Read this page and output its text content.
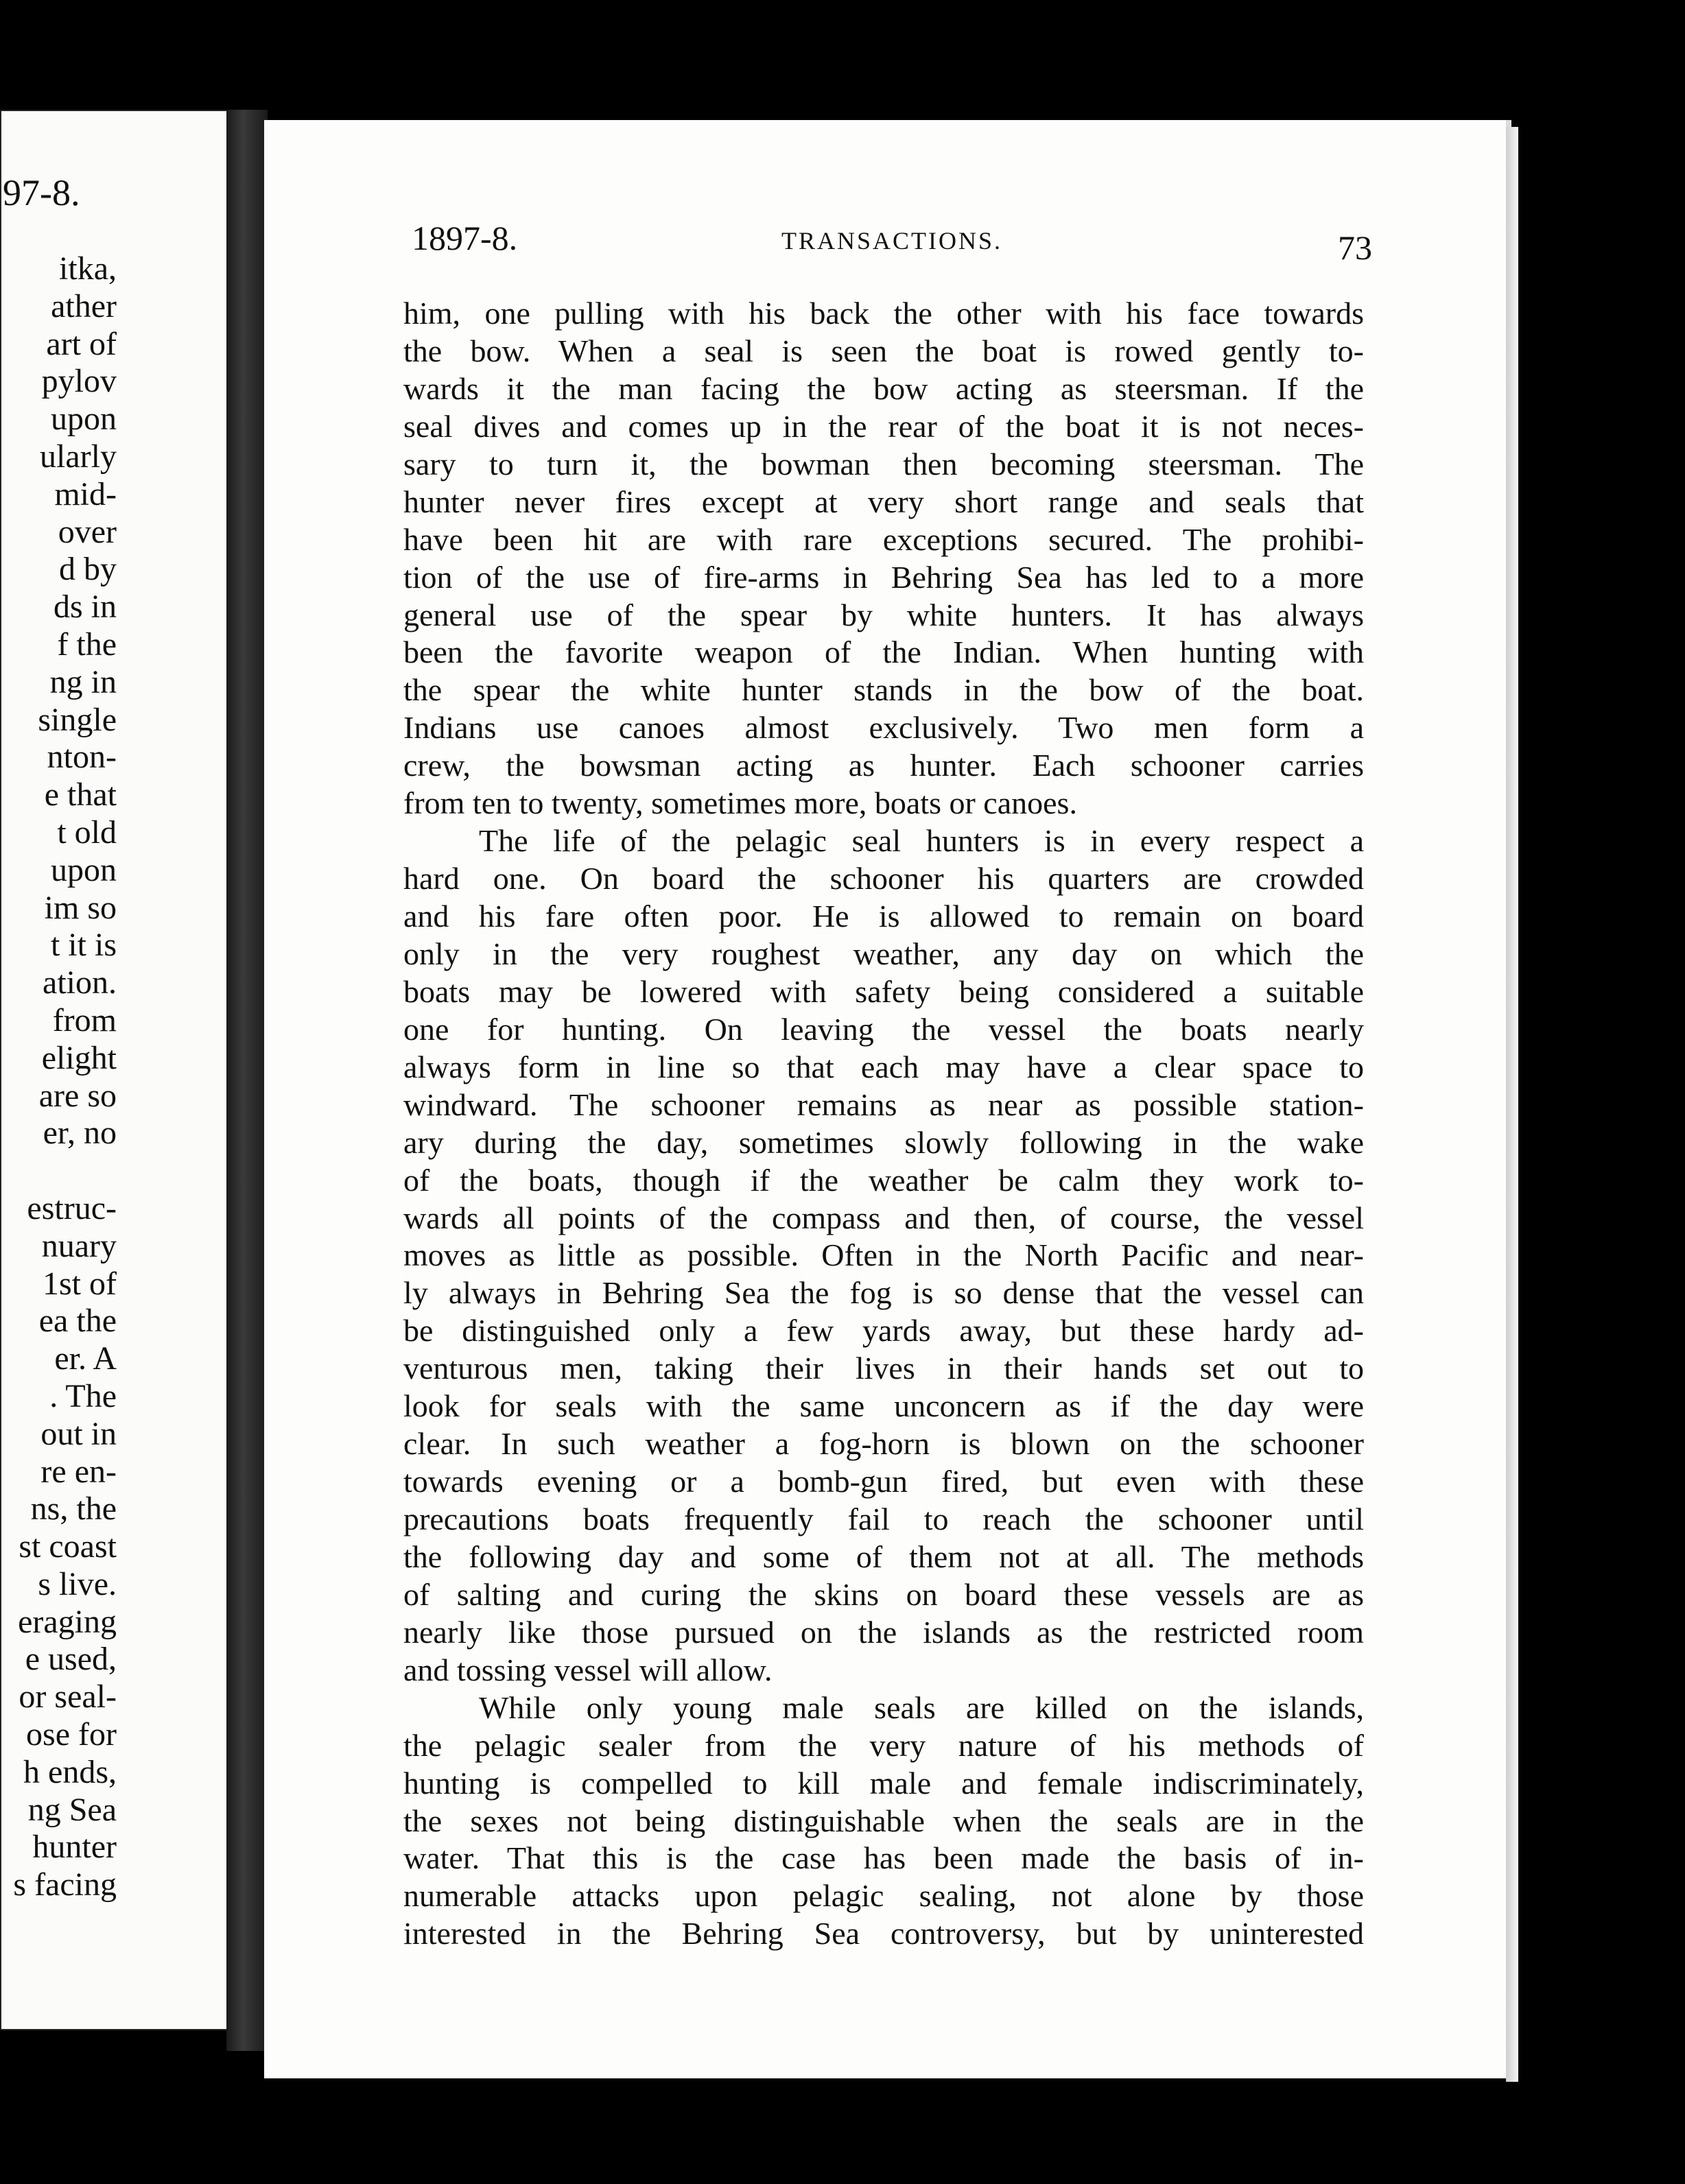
97-8.
itka,
ather
art of
pylov
upon
ularly
mid-
over
d by
ds in
f the
ng in
single
nton-
e that
t old
upon
im so
t it is
ation.
from
elight
are so
er, no
estruc-
nuary
1st of
ea the
er. A
. The
out in
re en-
ns, the
st coast
s live.
eraging
e used,
or seal-
ose for
h ends,
ng Sea
hunter
s facing
1897-8.	TRANSACTIONS.	73
him, one pulling with his back the other with his face towards
the bow. When a seal is seen the boat is rowed gently to-
wards it the man facing the bow acting as steersman. If the
seal dives and comes up in the rear of the boat it is not neces-
sary to turn it, the bowman then becoming steersman. The
hunter never fires except at very short range and seals that
have been hit are with rare exceptions secured. The prohibi-
tion of the use of fire-arms in Behring Sea has led to a more
general use of the spear by white hunters. It has always
been the favorite weapon of the Indian. When hunting with
the spear the white hunter stands in the bow of the boat.
Indians use canoes almost exclusively. Two men form a
crew, the bowsman acting as hunter. Each schooner carries
from ten to twenty, sometimes more, boats or canoes.
The life of the pelagic seal hunters is in every respect a
hard one. On board the schooner his quarters are crowded
and his fare often poor. He is allowed to remain on board
only in the very roughest weather, any day on which the
boats may be lowered with safety being considered a suitable
one for hunting. On leaving the vessel the boats nearly
always form in line so that each may have a clear space to
windward. The schooner remains as near as possible station-
ary during the day, sometimes slowly following in the wake
of the boats, though if the weather be calm they work to-
wards all points of the compass and then, of course, the vessel
moves as little as possible. Often in the North Pacific and near-
ly always in Behring Sea the fog is so dense that the vessel can
be distinguished only a few yards away, but these hardy ad-
venturous men, taking their lives in their hands set out to
look for seals with the same unconcern as if the day were
clear. In such weather a fog-horn is blown on the schooner
towards evening or a bomb-gun fired, but even with these
precautions boats frequently fail to reach the schooner until
the following day and some of them not at all. The methods
of salting and curing the skins on board these vessels are as
nearly like those pursued on the islands as the restricted room
and tossing vessel will allow.
While only young male seals are killed on the islands,
the pelagic sealer from the very nature of his methods of
hunting is compelled to kill male and female indiscriminately,
the sexes not being distinguishable when the seals are in the
water. That this is the case has been made the basis of in-
numerable attacks upon pelagic sealing, not alone by those
interested in the Behring Sea controversy, but by uninterested
